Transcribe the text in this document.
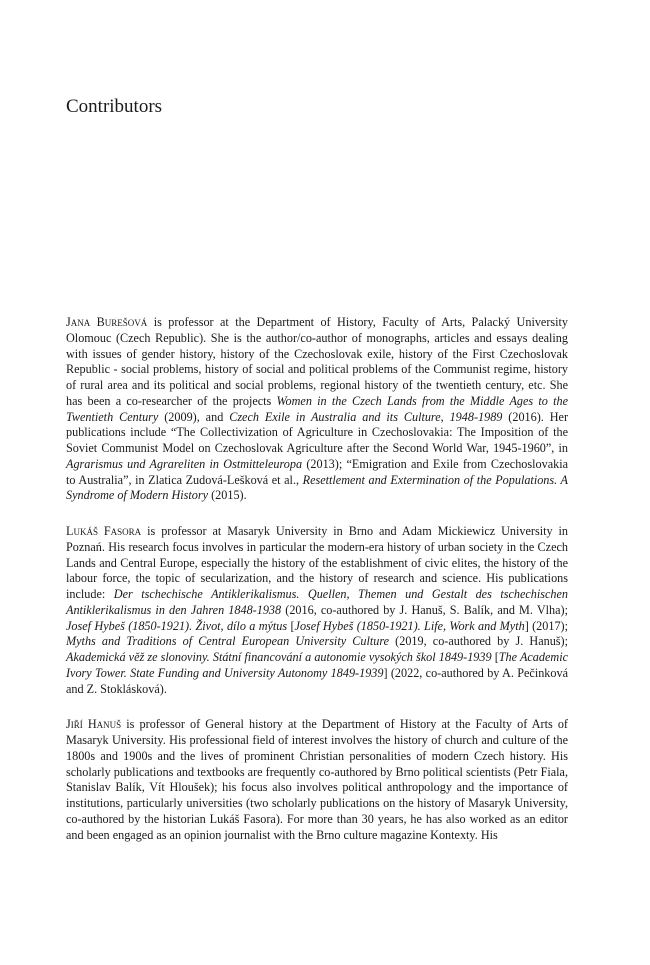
Contributors

Jana Burešová is professor at the Department of History, Faculty of Arts, Palacký University Olomouc (Czech Republic). She is the author/co-author of monographs, articles and essays dealing with issues of gender history, history of the Czechoslovak exile, history of the First Czechoslovak Republic - social problems, history of social and political problems of the Communist regime, history of rural area and its political and social problems, regional history of the twentieth century, etc. She has been a co-researcher of the projects Women in the Czech Lands from the Middle Ages to the Twentieth Century (2009), and Czech Exile in Australia and its Culture, 1948-1989 (2016). Her publications include “The Collectivization of Agriculture in Czechoslovakia: The Imposition of the Soviet Communist Model on Czechoslovak Agriculture after the Second World War, 1945-1960”, in Agrarismus und Agrareliten in Ostmitteleuropa (2013); “Emigration and Exile from Czechoslovakia to Australia”, in Zlatica Zudová-Lešková et al., Resettlement and Extermination of the Populations. A Syndrome of Modern History (2015).

Lukáš Fasora is professor at Masaryk University in Brno and Adam Mickiewicz University in Poznań. His research focus involves in particular the modern-era history of urban society in the Czech Lands and Central Europe, especially the history of the establishment of civic elites, the history of the labour force, the topic of secularization, and the history of research and science. His publications include: Der tschechische Antiklerikalismus. Quellen, Themen und Gestalt des tschechischen Antiklerikalismus in den Jahren 1848-1938 (2016, co-authored by J. Hanuš, S. Balík, and M. Vlha); Josef Hybeš (1850-1921). Život, dílo a mýtus [Josef Hybeš (1850-1921). Life, Work and Myth] (2017); Myths and Traditions of Central European University Culture (2019, co-authored by J. Hanuš); Akademická věž ze slonoviny. Státní financování a autonomie vysokých škol 1849-1939 [The Academic Ivory Tower. State Funding and University Autonomy 1849-1939] (2022, co-authored by A. Pečinková and Z. Stoklásková).

Jiří Hanuš is professor of General history at the Department of History at the Faculty of Arts of Masaryk University. His professional field of interest involves the history of church and culture of the 1800s and 1900s and the lives of prominent Christian personalities of modern Czech history. His scholarly publications and textbooks are frequently co-authored by Brno political scientists (Petr Fiala, Stanislav Balík, Vít Hloušek); his focus also involves political anthropology and the importance of institutions, particularly universities (two scholarly publications on the history of Masaryk University, co-authored by the historian Lukáš Fasora). For more than 30 years, he has also worked as an editor and been engaged as an opinion journalist with the Brno culture magazine Kontexty. His
